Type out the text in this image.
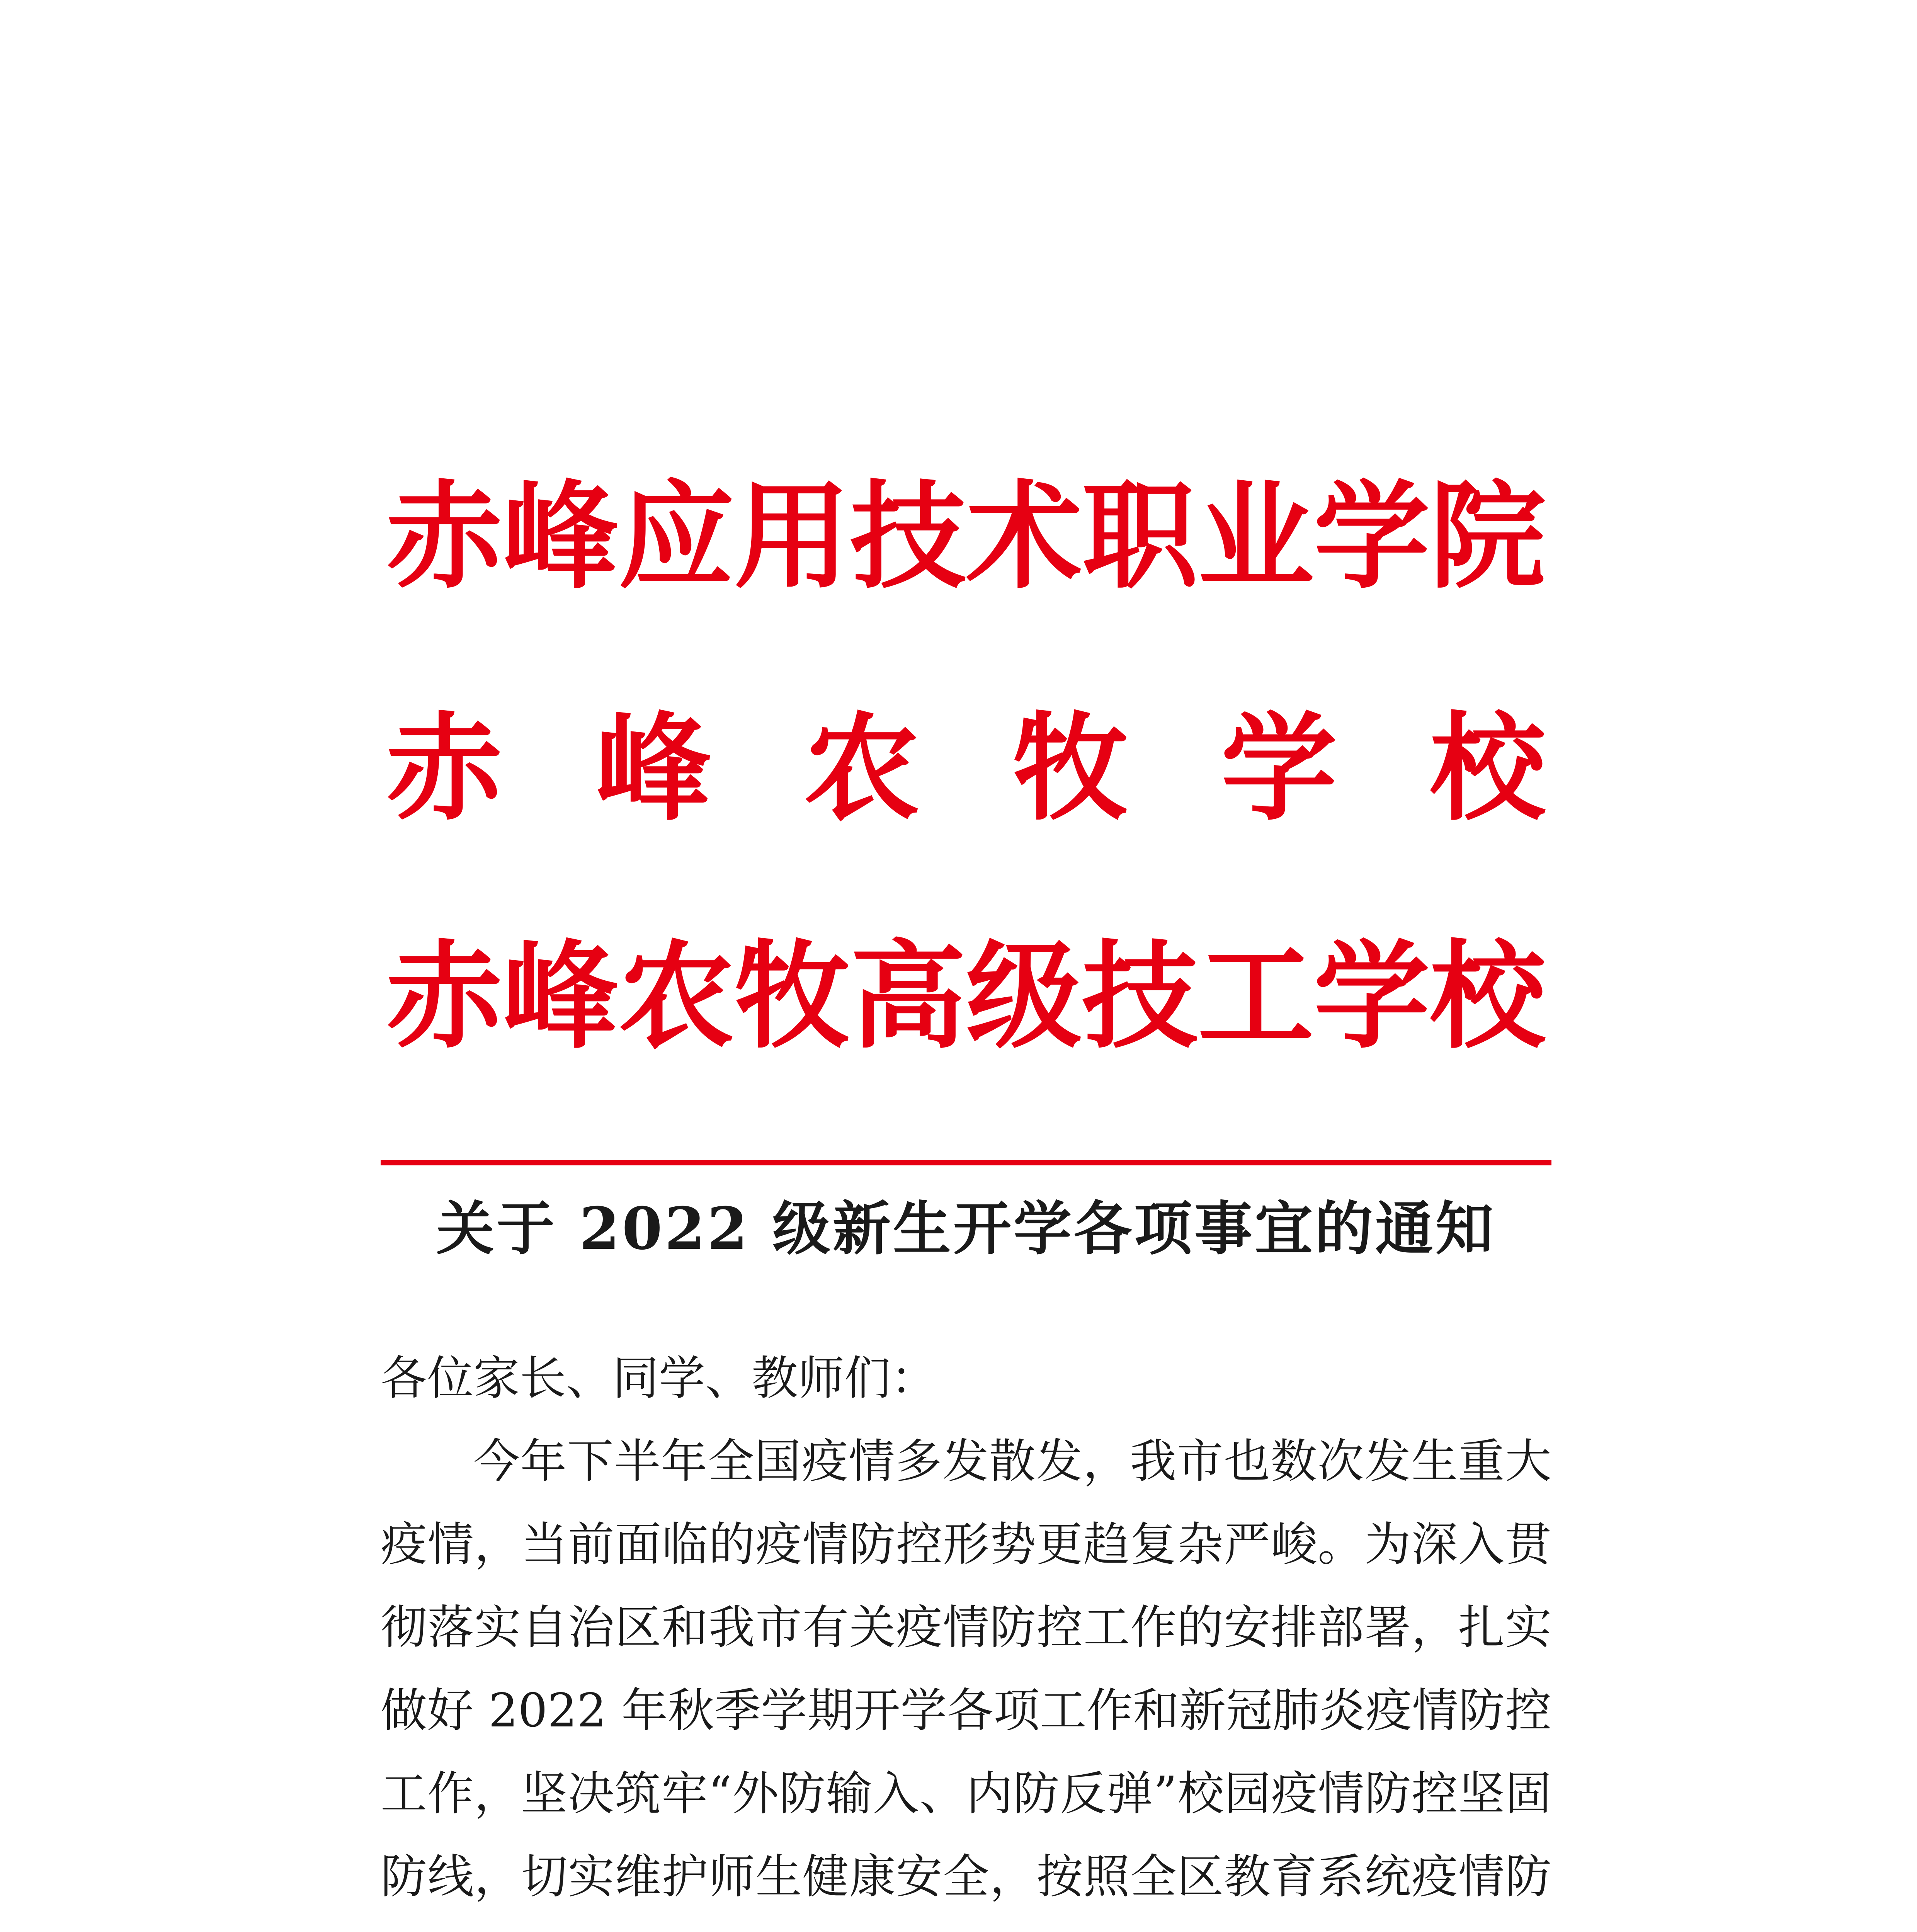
赤 峰 应 用 技 术 职 业 学 院
赤 峰 农 牧 学 校
赤 峰 农 牧 高 级 技 工 学 校
关于 2022 级新生开学各项事宜的通知

各位家长、同学、教师们：

今年下半年全国疫情多发散发，我市也数次发生重大疫情，当前面临的疫情防控形势更趋复杂严峻。为深入贯彻落实自治区和我市有关疫情防控工作的安排部署，扎实做好 2022 年秋季学期开学各项工作和新冠肺炎疫情防控工作，坚决筑牢“外防输入、内防反弹”校园疫情防控坚固防线，切实维护师生健康安全，按照全区教育系统疫情防
